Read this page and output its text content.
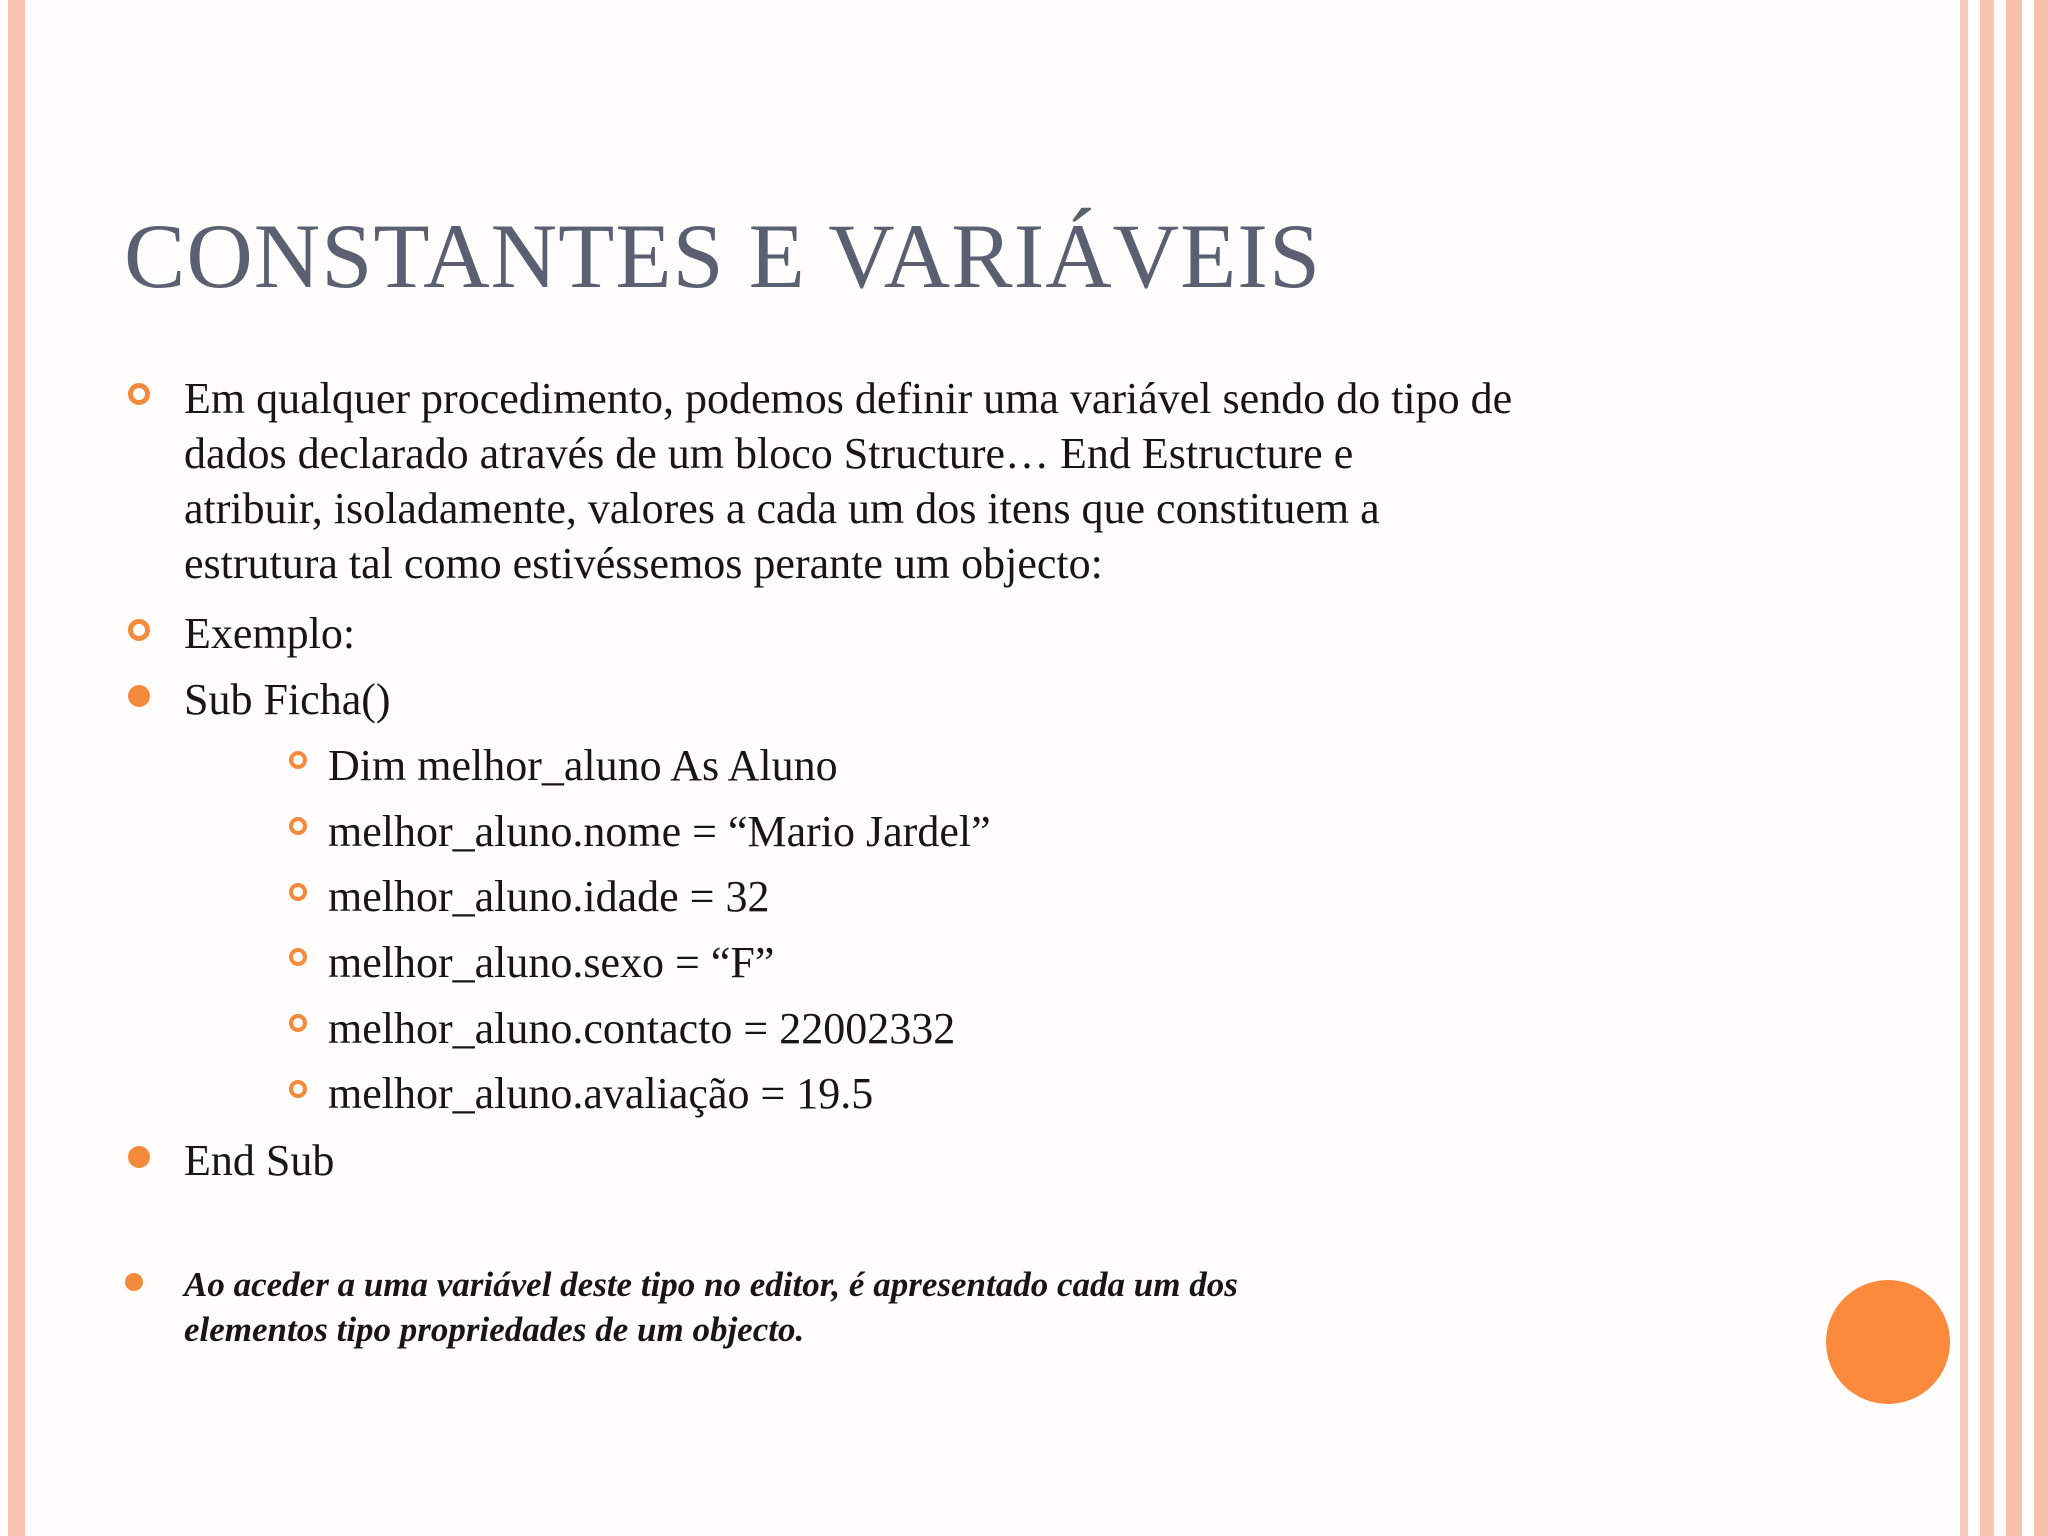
CONSTANTES E VARIÁVEIS
Em qualquer procedimento, podemos definir uma variável sendo do tipo de
dados declarado através de um bloco Structure… End Estructure e
atribuir, isoladamente, valores a cada um dos itens que constituem a
estrutura tal como estivéssemos perante um objecto:
Exemplo:
Sub Ficha()
Dim melhor_aluno As Aluno
melhor_aluno.nome = “Mario Jardel”
melhor_aluno.idade = 32
melhor_aluno.sexo = “F”
melhor_aluno.contacto = 22002332
melhor_aluno.avaliação = 19.5
End Sub
Ao aceder a uma variável deste tipo no editor, é apresentado cada um dos
elementos tipo propriedades de um objecto.
